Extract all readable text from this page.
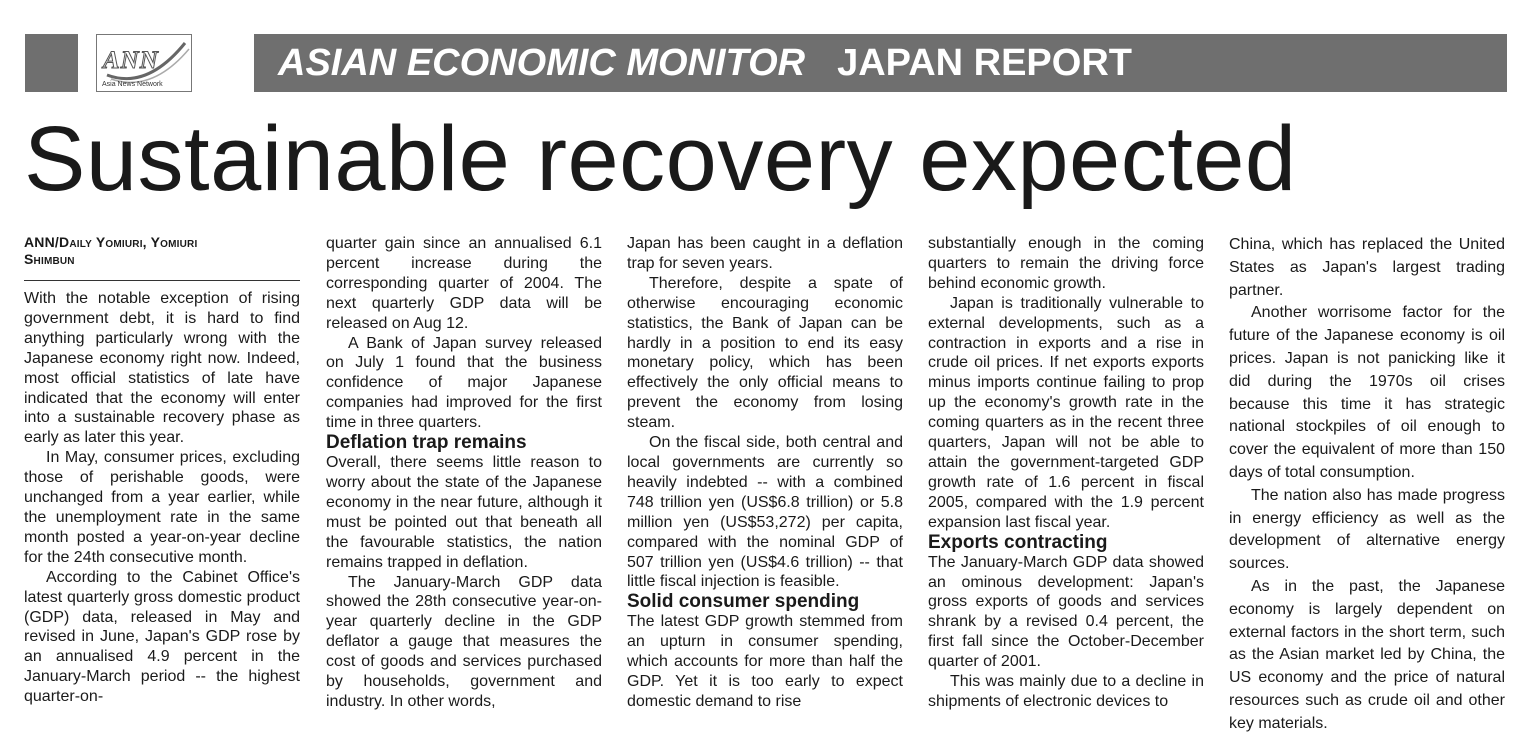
ANN
Asia News Network
ASIAN ECONOMIC MONITOR JAPAN REPORT
Sustainable recovery expected
ANN/Daily Yomiuri, Yomiuri
Shimbun

With the notable exception of rising government debt, it is hard to find anything particularly wrong with the Japanese economy right now. Indeed, most official statistics of late have indicated that the economy will enter into a sustainable recovery phase as early as later this year.

In May, consumer prices, excluding those of perishable goods, were unchanged from a year earlier, while the unemployment rate in the same month posted a year-on-year decline for the 24th consecutive month.

According to the Cabinet Office's latest quarterly gross domestic product (GDP) data, released in May and revised in June, Japan's GDP rose by an annualised 4.9 percent in the January-March period -- the highest quarter-on-

quarter gain since an annualised 6.1 percent increase during the corresponding quarter of 2004. The next quarterly GDP data will be released on Aug 12.

A Bank of Japan survey released on July 1 found that the business confidence of major Japanese companies had improved for the first time in three quarters.

Deflation trap remains

Overall, there seems little reason to worry about the state of the Japanese economy in the near future, although it must be pointed out that beneath all the favourable statistics, the nation remains trapped in deflation.

The January-March GDP data showed the 28th consecutive year-on-year quarterly decline in the GDP deflator a gauge that measures the cost of goods and services purchased by households, government and industry. In other words,

Japan has been caught in a deflation trap for seven years.

Therefore, despite a spate of otherwise encouraging economic statistics, the Bank of Japan can be hardly in a position to end its easy monetary policy, which has been effectively the only official means to prevent the economy from losing steam.

On the fiscal side, both central and local governments are currently so heavily indebted -- with a combined 748 trillion yen (US$6.8 trillion) or 5.8 million yen (US$53,272) per capita, compared with the nominal GDP of 507 trillion yen (US$4.6 trillion) -- that little fiscal injection is feasible.

Solid consumer spending

The latest GDP growth stemmed from an upturn in consumer spending, which accounts for more than half the GDP. Yet it is too early to expect domestic demand to rise

substantially enough in the coming quarters to remain the driving force behind economic growth.

Japan is traditionally vulnerable to external developments, such as a contraction in exports and a rise in crude oil prices. If net exports exports minus imports continue failing to prop up the economy's growth rate in the coming quarters as in the recent three quarters, Japan will not be able to attain the government-targeted GDP growth rate of 1.6 percent in fiscal 2005, compared with the 1.9 percent expansion last fiscal year.

Exports contracting

The January-March GDP data showed an ominous development: Japan's gross exports of goods and services shrank by a revised 0.4 percent, the first fall since the October-December quarter of 2001.

This was mainly due to a decline in shipments of electronic devices to

China, which has replaced the United States as Japan's largest trading partner.

Another worrisome factor for the future of the Japanese economy is oil prices. Japan is not panicking like it did during the 1970s oil crises because this time it has strategic national stockpiles of oil enough to cover the equivalent of more than 150 days of total consumption.

The nation also has made progress in energy efficiency as well as the development of alternative energy sources.

As in the past, the Japanese economy is largely dependent on external factors in the short term, such as the Asian market led by China, the US economy and the price of natural resources such as crude oil and other key materials.
